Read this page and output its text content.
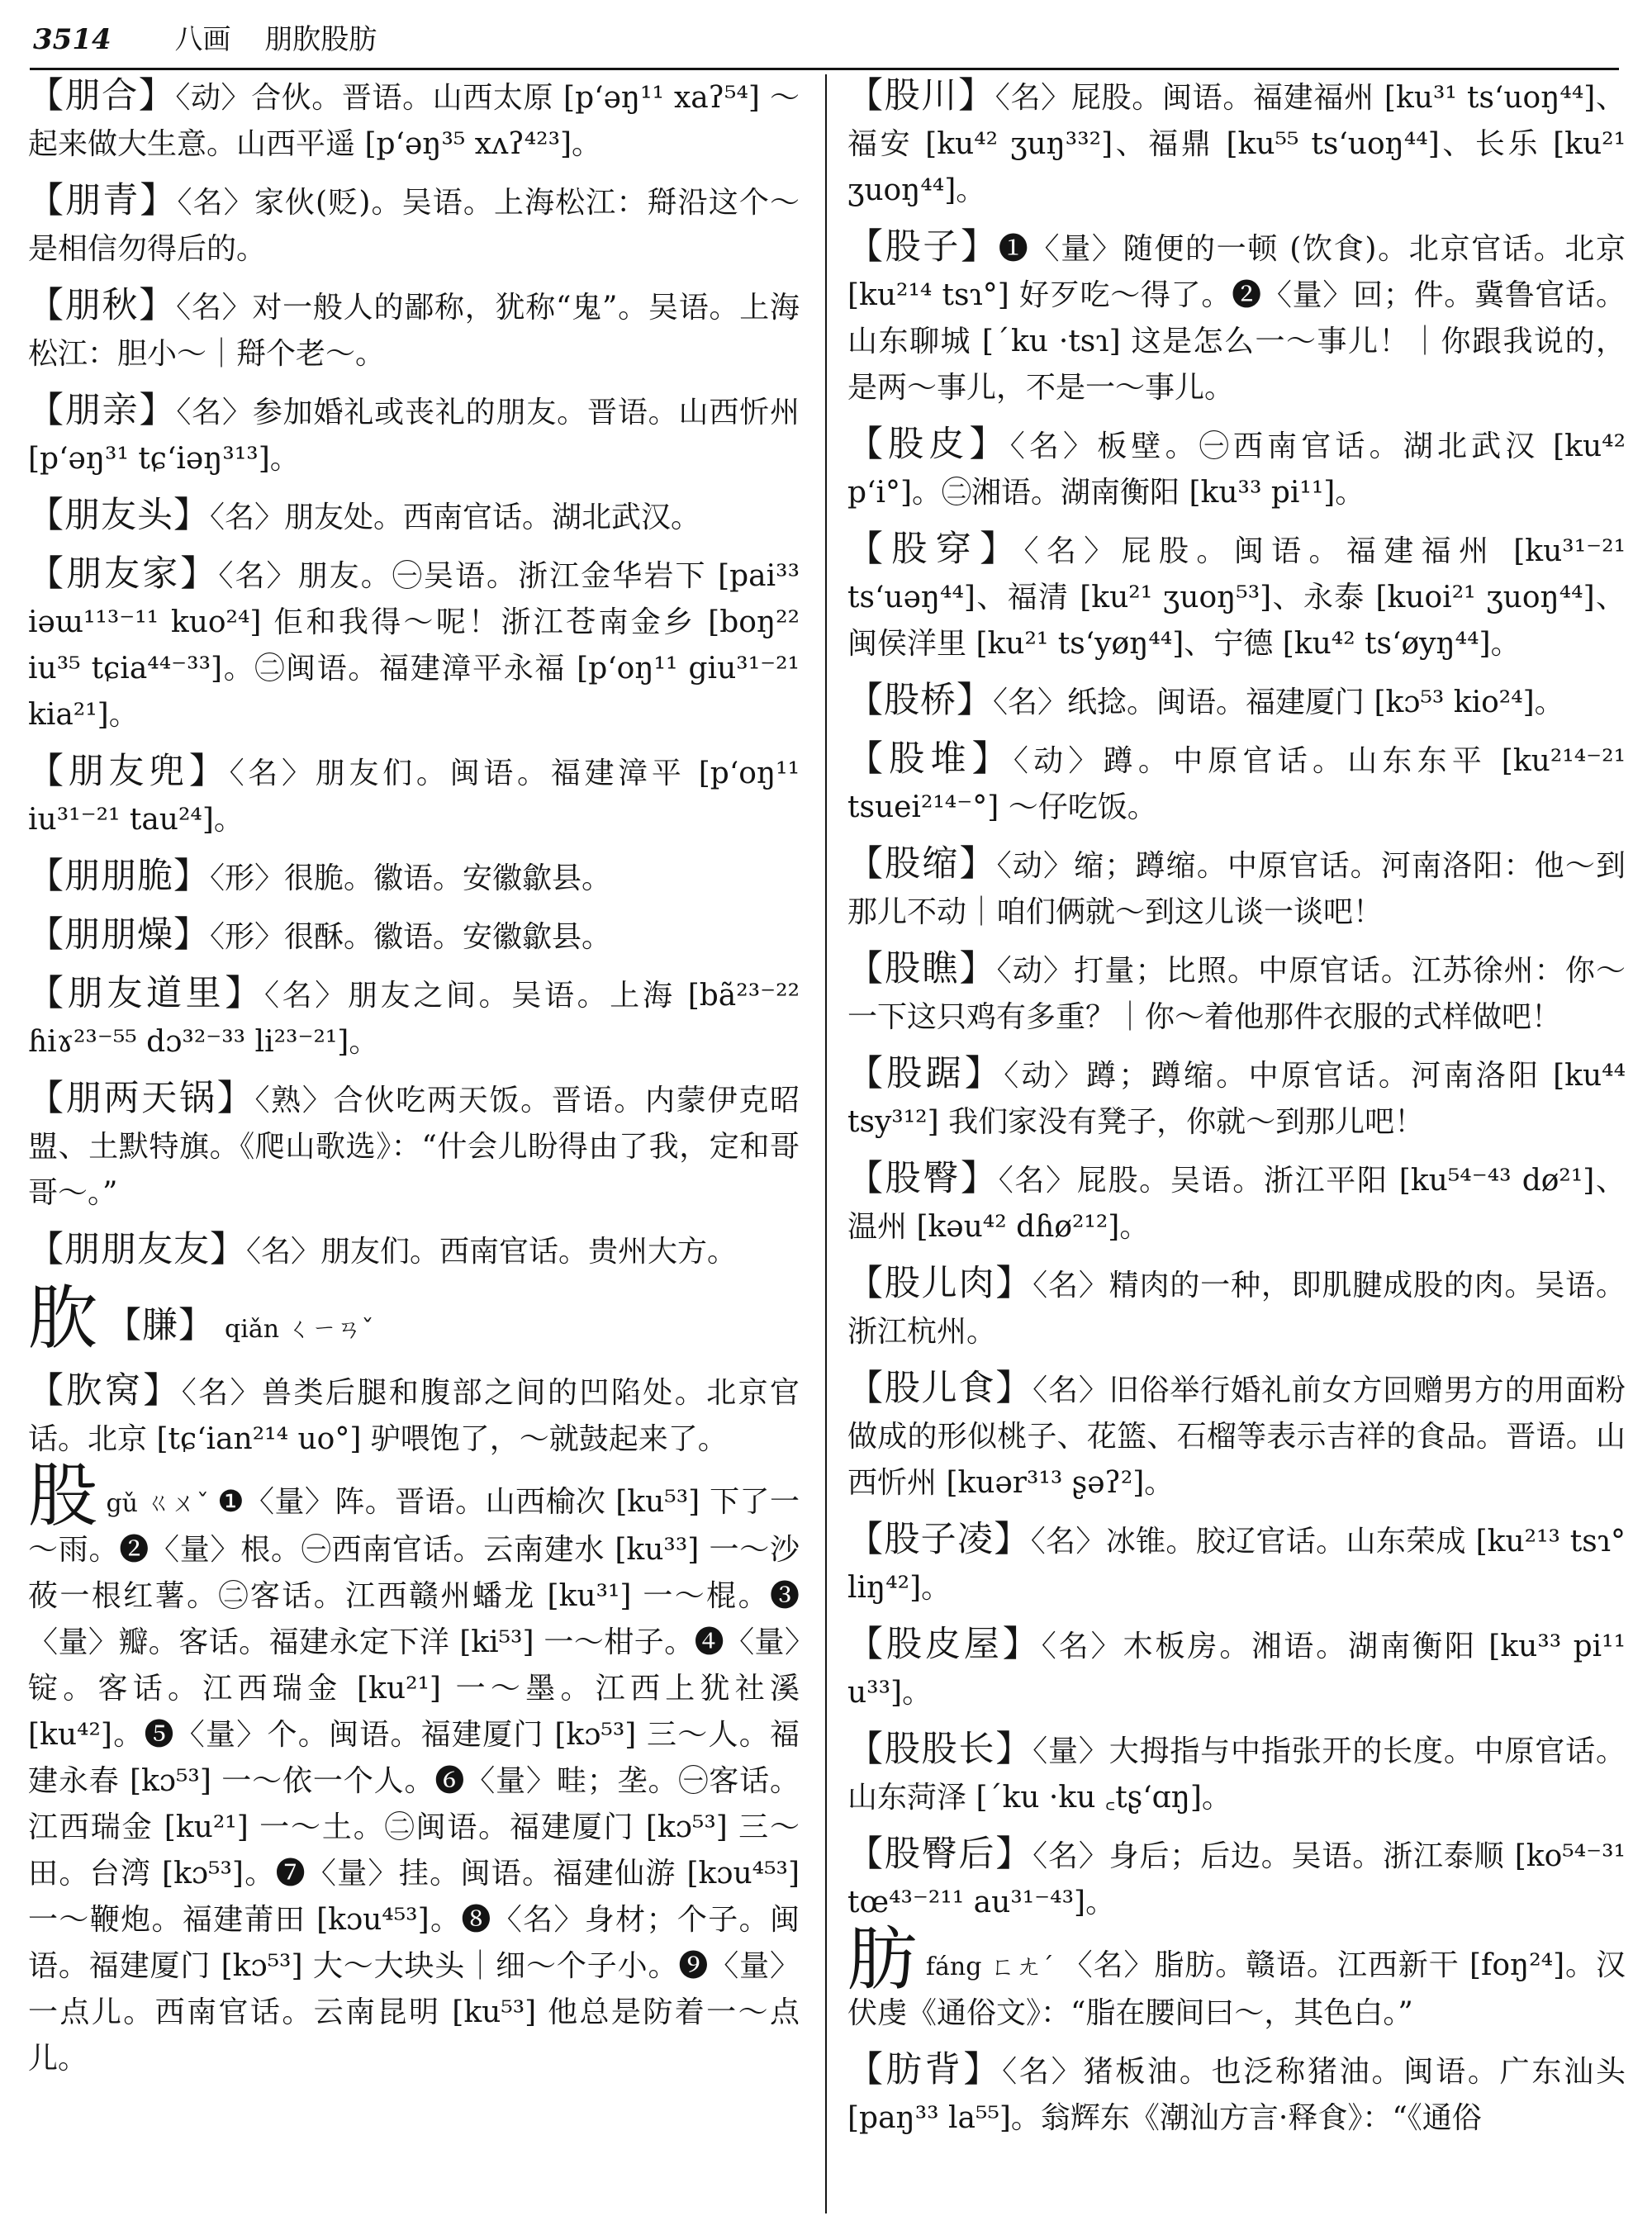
3514 八画 朋肷股肪

【朋合】〈动〉合伙。晋语。山西太原 [p‘əŋ¹¹ xaʔ⁵⁴] ～起来做大生意。山西平遥 [p‘əŋ³⁵ xʌʔ⁴²³]。

【朋青】〈名〉家伙(贬)。吴语。上海松江：搿沿这个～是相信勿得后的。

【朋秋】〈名〉对一般人的鄙称，犹称“鬼”。吴语。上海松江：胆小～｜搿个老～。

【朋亲】〈名〉参加婚礼或丧礼的朋友。晋语。山西忻州 [p‘əŋ³¹ tɕ‘iəŋ³¹³]。

【朋友头】〈名〉朋友处。西南官话。湖北武汉。

【朋友家】〈名〉朋友。㊀吴语。浙江金华岩下 [pai³³ iəɯ¹¹³⁻¹¹ kuo²⁴] 佢和我得～呢！浙江苍南金乡 [boŋ²² iu³⁵ tɕia⁴⁴⁻³³]。㊁闽语。福建漳平永福 [p‘oŋ¹¹ giu³¹⁻²¹ kia²¹]。

【朋友兜】〈名〉朋友们。闽语。福建漳平 [p‘oŋ¹¹ iu³¹⁻²¹ tau²⁴]。

【朋朋脆】〈形〉很脆。徽语。安徽歙县。

【朋朋燥】〈形〉很酥。徽语。安徽歙县。

【朋友道里】〈名〉朋友之间。吴语。上海 [bã²³⁻²² ɦiɤ²³⁻⁵⁵ dɔ³²⁻³³ li²³⁻²¹]。

【朋两天锅】〈熟〉合伙吃两天饭。晋语。内蒙伊克昭盟、土默特旗。《爬山歌选》：“什会儿盼得由了我，定和哥哥～。”

【朋朋友友】〈名〉朋友们。西南官话。贵州大方。

肷 【膁】 qiǎn ㄑㄧㄢˇ

【肷窝】〈名〉兽类后腿和腹部之间的凹陷处。北京官话。北京 [tɕ‘ian²¹⁴ uo°] 驴喂饱了，～就鼓起来了。

股gǔ ㄍㄨˇ ❶〈量〉阵。晋语。山西榆次 [ku⁵³] 下了一～雨。❷〈量〉根。㊀西南官话。云南建水 [ku³³] 一～沙莜一根红薯。㊁客话。江西赣州蟠龙 [ku³¹] 一～棍。❸〈量〉瓣。客话。福建永定下洋 [ki⁵³] 一～柑子。❹〈量〉锭。客话。江西瑞金 [ku²¹] 一～墨。江西上犹社溪 [ku⁴²]。❺〈量〉个。闽语。福建厦门 [kɔ⁵³] 三～人。福建永春 [kɔ⁵³] 一～依一个人。❻〈量〉畦；垄。㊀客话。江西瑞金 [ku²¹] 一～土。㊁闽语。福建厦门 [kɔ⁵³] 三～田。台湾 [kɔ⁵³]。❼〈量〉挂。闽语。福建仙游 [kɔu⁴⁵³] 一～鞭炮。福建莆田 [kɔu⁴⁵³]。❽〈名〉身材；个子。闽语。福建厦门 [kɔ⁵³] 大～大块头｜细～个子小。❾〈量〉一点儿。西南官话。云南昆明 [ku⁵³] 他总是防着一～点儿。

【股川】〈名〉屁股。闽语。福建福州 [ku³¹ ts‘uoŋ⁴⁴]、福安 [ku⁴² ʒuŋ³³²]、福鼎 [ku⁵⁵ ts‘uoŋ⁴⁴]、长乐 [ku²¹ ʒuoŋ⁴⁴]。

【股子】❶〈量〉随便的一顿 (饮食)。北京官话。北京 [ku²¹⁴ tsɿ°] 好歹吃～得了。❷〈量〉回；件。冀鲁官话。山东聊城 [ˊku ·tsɿ] 这是怎么一～事儿！｜你跟我说的，是两～事儿，不是一～事儿。

【股皮】〈名〉板壁。㊀西南官话。湖北武汉 [ku⁴² p‘i°]。㊁湘语。湖南衡阳 [ku³³ pi¹¹]。

【股穿】〈名〉屁股。闽语。福建福州 [ku³¹⁻²¹ ts‘uəŋ⁴⁴]、福清 [ku²¹ ʒuoŋ⁵³]、永泰 [kuoi²¹ ʒuoŋ⁴⁴]、闽侯洋里 [ku²¹ ts‘yøŋ⁴⁴]、宁德 [ku⁴² ts‘øyŋ⁴⁴]。

【股桥】〈名〉纸捻。闽语。福建厦门 [kɔ⁵³ kio²⁴]。

【股堆】〈动〉蹲。中原官话。山东东平 [ku²¹⁴⁻²¹ tsuei²¹⁴⁻°] ～仔吃饭。

【股缩】〈动〉缩；蹲缩。中原官话。河南洛阳：他～到那儿不动｜咱们俩就～到这儿谈一谈吧！

【股瞧】〈动〉打量；比照。中原官话。江苏徐州：你～一下这只鸡有多重？｜你～着他那件衣服的式样做吧！

【股踞】〈动〉蹲；蹲缩。中原官话。河南洛阳 [ku⁴⁴ tsy³¹²] 我们家没有凳子，你就～到那儿吧！

【股臀】〈名〉屁股。吴语。浙江平阳 [ku⁵⁴⁻⁴³ dø²¹]、温州 [kəu⁴² dɦø²¹²]。

【股儿肉】〈名〉精肉的一种，即肌腱成股的肉。吴语。浙江杭州。

【股儿食】〈名〉旧俗举行婚礼前女方回赠男方的用面粉做成的形似桃子、花篮、石榴等表示吉祥的食品。晋语。山西忻州 [kuər³¹³ ʂəʔ²]。

【股子凌】〈名〉冰锥。胶辽官话。山东荣成 [ku²¹³ tsɿ° liŋ⁴²]。

【股皮屋】〈名〉木板房。湘语。湖南衡阳 [ku³³ pi¹¹ u³³]。

【股股长】〈量〉大拇指与中指张开的长度。中原官话。山东菏泽 [ˊku ·ku ꜀tʂ‘ɑŋ]。

【股臀后】〈名〉身后；后边。吴语。浙江泰顺 [ko⁵⁴⁻³¹ tœ⁴³⁻²¹¹ au³¹⁻⁴³]。

肪fáng ㄈㄤˊ 〈名〉脂肪。赣语。江西新干 [foŋ²⁴]。汉伏虔《通俗文》：“脂在腰间曰～，其色白。”

【肪背】〈名〉猪板油。也泛称猪油。闽语。广东汕头 [paŋ³³ la⁵⁵]。翁辉东《潮汕方言·释食》：“《通俗
